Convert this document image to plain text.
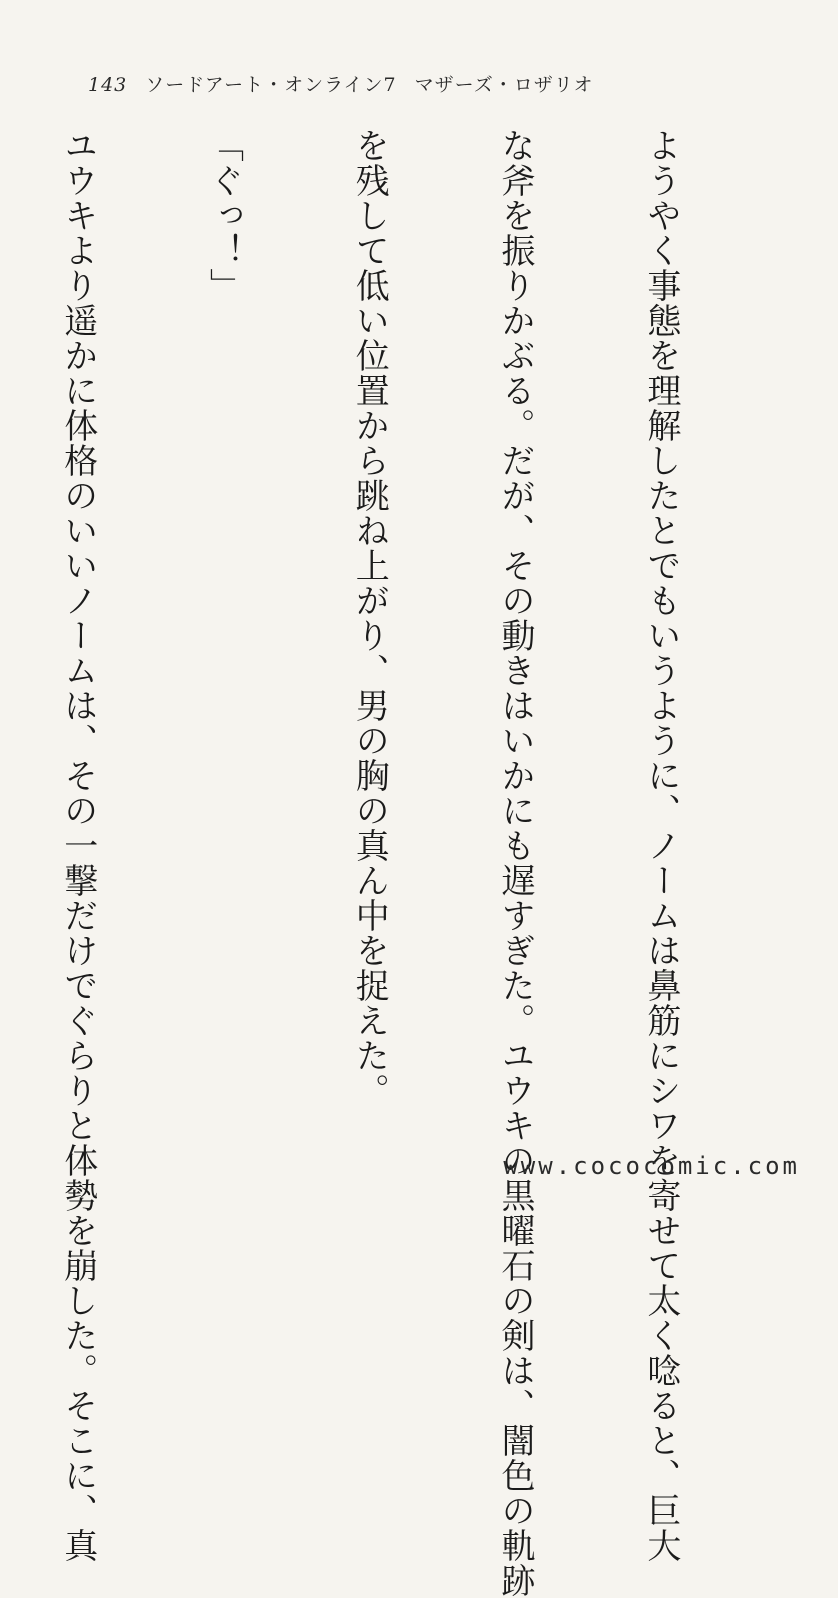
143 ソードアート・オンライン7 マザーズ・ロザリオ

ようやく事態を理解したとでもいうように、ノームは鼻筋にシワを寄せて太く唸ると、巨大

な斧を振りかぶる。だが、その動きはいかにも遅すぎた。ユウキの黒曜石の剣は、闇色の軌跡

を残して低い位置から跳ね上がり、男の胸の真ん中を捉えた。

「ぐっ！」

ユウキより遥かに体格のいいノームは、その一撃だけでぐらりと体勢を崩した。そこに、真

	www.cococomic.com
